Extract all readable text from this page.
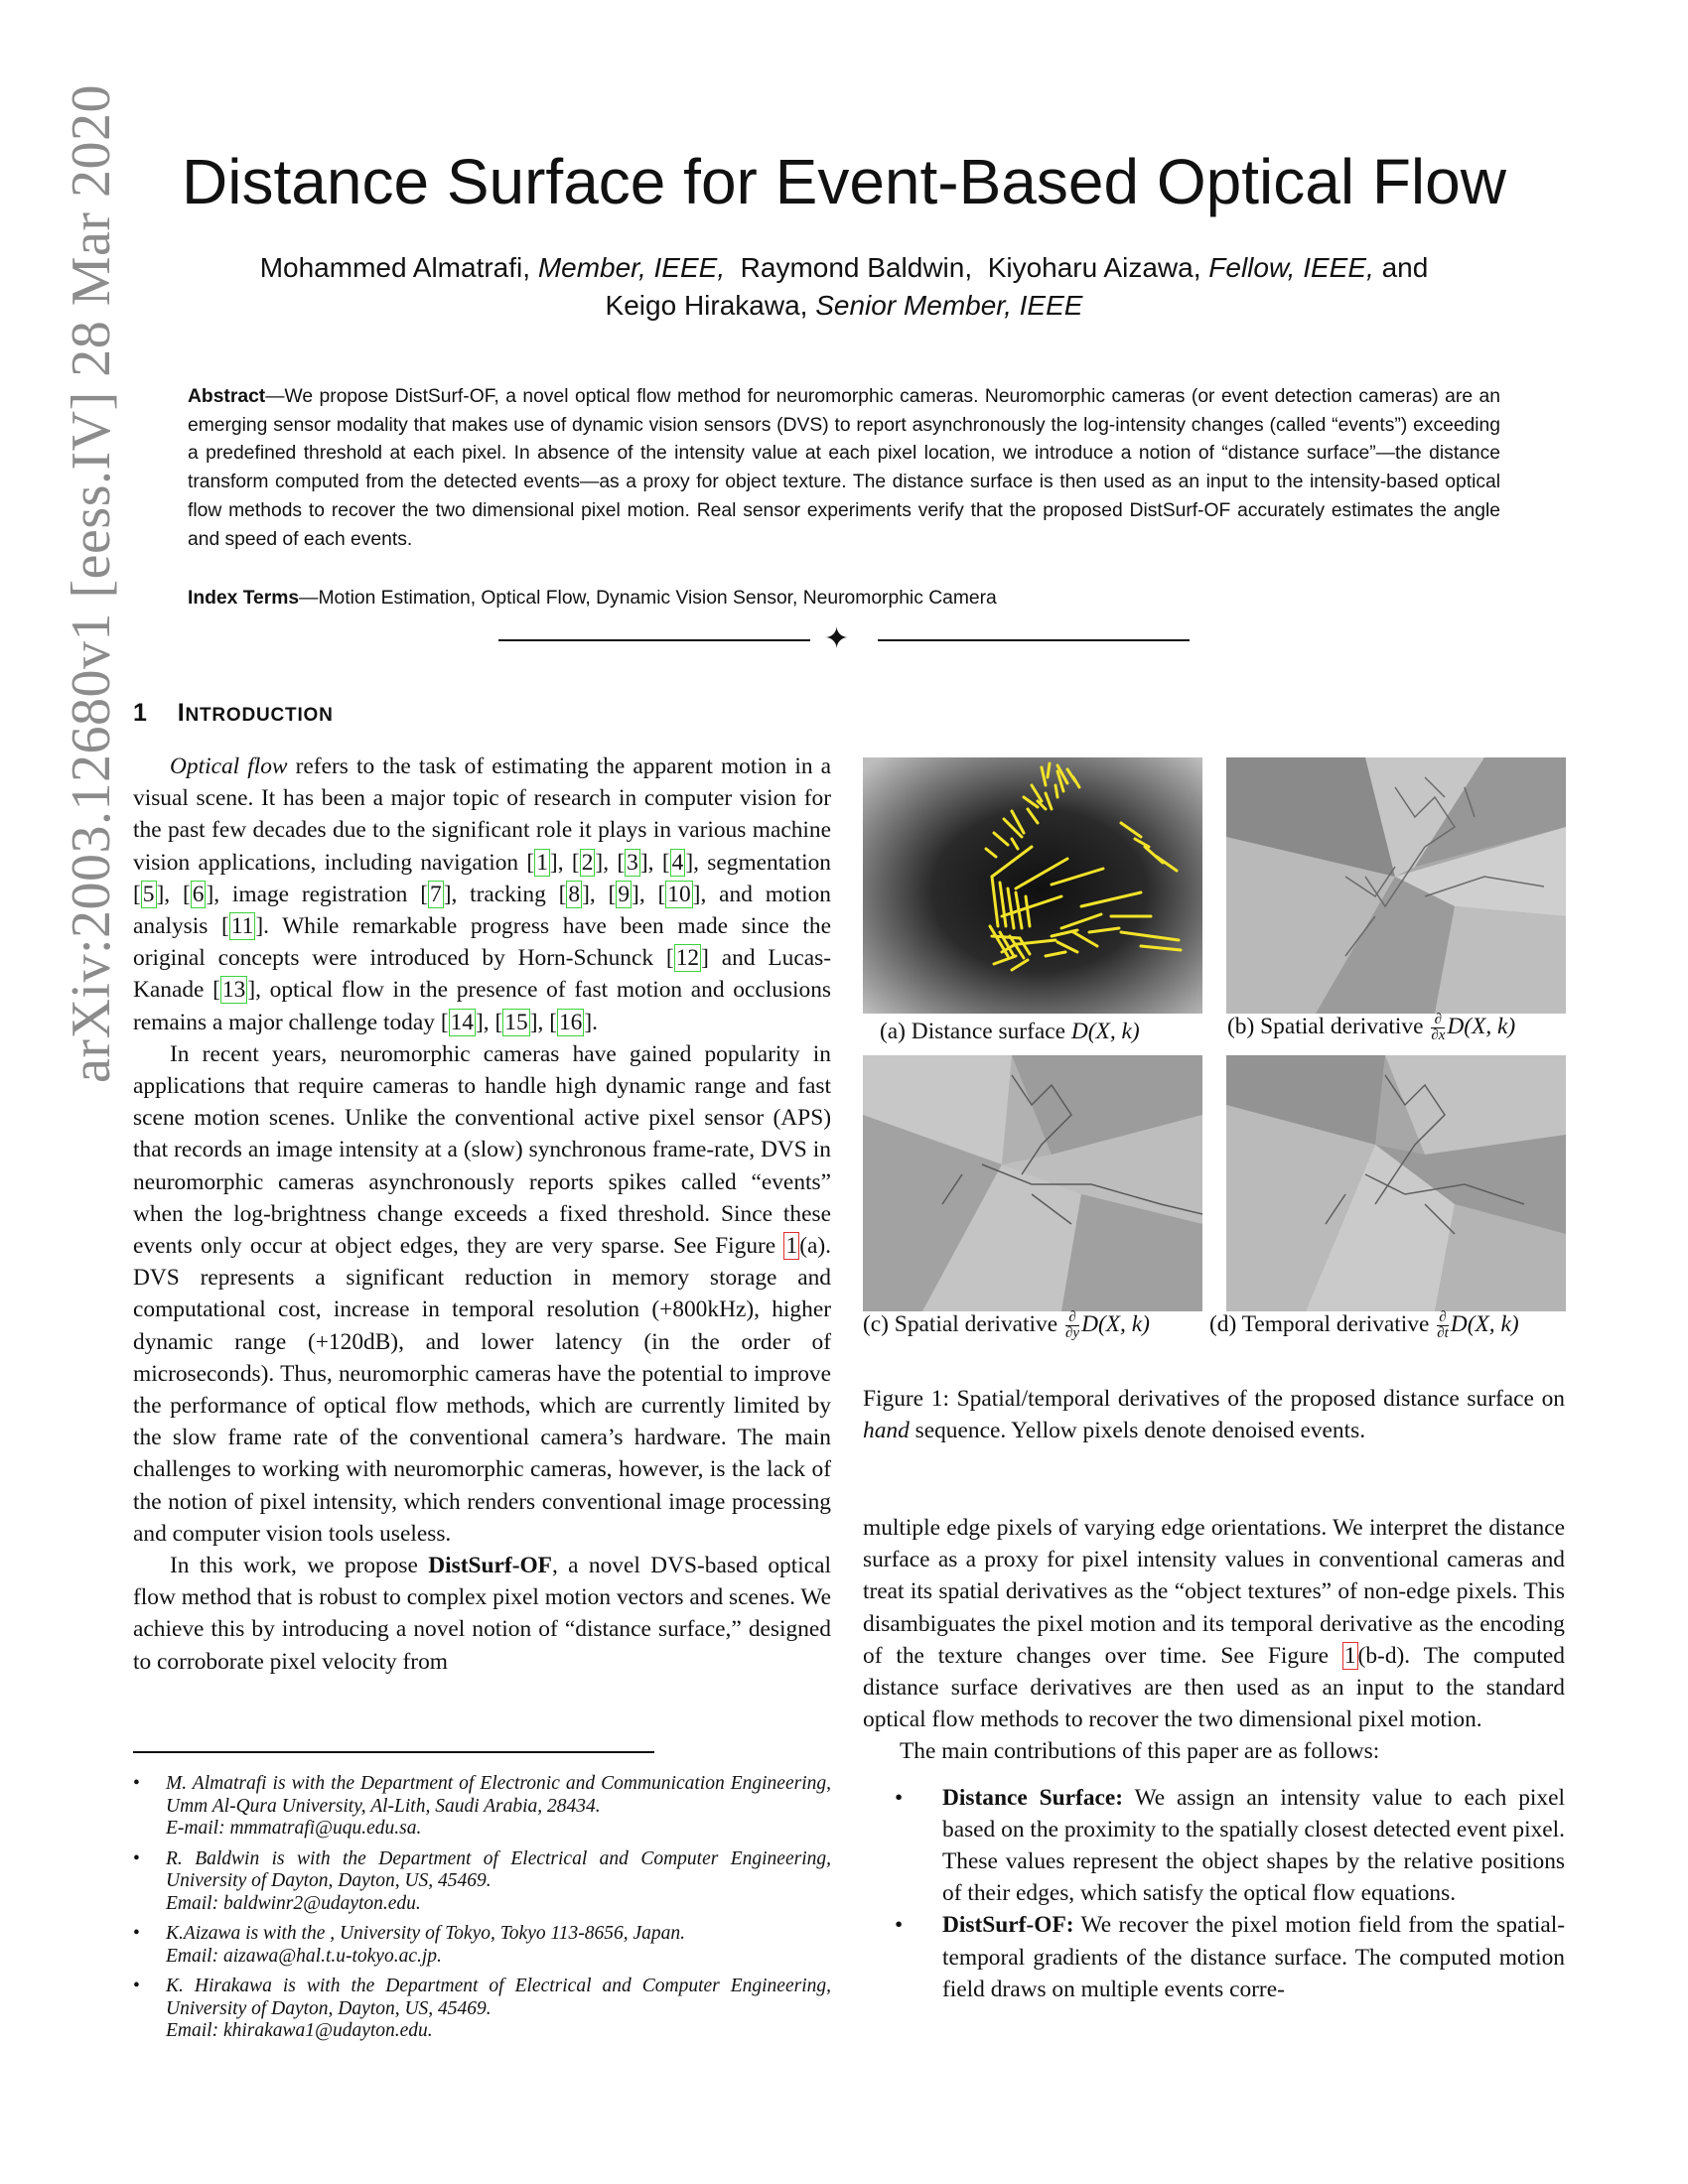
arXiv:2003.12680v1 [eess.IV] 28 Mar 2020 Distance Surface for Event-Based Optical Flow
Mohammed Almatrafi, Member, IEEE, Raymond Baldwin, Kiyoharu Aizawa, Fellow, IEEE, and
Keigo Hirakawa, Senior Member, IEEE
Abstract—We propose DistSurf-OF, a novel optical flow method for neuromorphic cameras. Neuromorphic cameras (or event detection cameras) are an emerging sensor modality that makes use of dynamic vision sensors (DVS) to report asynchronously the log-intensity changes (called “events”) exceeding a predefined threshold at each pixel. In absence of the intensity value at each pixel location, we introduce a notion of “distance surface”—the distance transform computed from the detected events—as a proxy for object texture. The distance surface is then used as an input to the intensity-based optical flow methods to recover the two dimensional pixel motion. Real sensor experiments verify that the proposed DistSurf-OF accurately estimates the angle and speed of each events.
Index Terms—Motion Estimation, Optical Flow, Dynamic Vision Sensor, Neuromorphic Camera
✦
1 INTRODUCTION

Optical flow refers to the task of estimating the apparent motion in a visual scene. It has been a major topic of research in computer vision for the past few decades due to the significant role it plays in various machine vision applications, including navigation [1], [2], [3], [4], segmentation [5], [6], image registration [7], tracking [8], [9], [10], and motion analysis [11]. While remarkable progress have been made since the original concepts were introduced by Horn-Schunck [12] and Lucas-Kanade [13], optical flow in the presence of fast motion and occlusions remains a major challenge today [14], [15], [16].

In recent years, neuromorphic cameras have gained popularity in applications that require cameras to handle high dynamic range and fast scene motion scenes. Unlike the conventional active pixel sensor (APS) that records an image intensity at a (slow) synchronous frame-rate, DVS in neuromorphic cameras asynchronously reports spikes called “events” when the log-brightness change exceeds a fixed threshold. Since these events only occur at object edges, they are very sparse. See Figure 1(a). DVS represents a significant reduction in memory storage and computational cost, increase in temporal resolution (+800kHz), higher dynamic range (+120dB), and lower latency (in the order of microseconds). Thus, neuromorphic cameras have the potential to improve the performance of optical flow methods, which are currently limited by the slow frame rate of the conventional camera’s hardware. The main challenges to working with neuromorphic cameras, however, is the lack of the notion of pixel intensity, which renders conventional image processing and computer vision tools useless.

In this work, we propose DistSurf-OF, a novel DVS-based optical flow method that is robust to complex pixel motion vectors and scenes. We achieve this by introducing a novel notion of “distance surface,” designed to corroborate pixel velocity from

• M. Almatrafi is with the Department of Electronic and Communication Engineering, Umm Al-Qura University, Al-Lith, Saudi Arabia, 28434.
E-mail: mmmatrafi@uqu.edu.sa.
• R. Baldwin is with the Department of Electrical and Computer Engineering, University of Dayton, Dayton, US, 45469.
Email: baldwinr2@udayton.edu.
• K.Aizawa is with the , University of Tokyo, Tokyo 113-8656, Japan.
Email: aizawa@hal.t.u-tokyo.ac.jp.
• K. Hirakawa is with the Department of Electrical and Computer Engineering, University of Dayton, Dayton, US, 45469.
Email: khirakawa1@udayton.edu.
(a) Distance surface D(X, k)	(b) Spatial derivative $\frac{\partial}{\partial x} D(X$, k)
(c) Spatial derivative $\frac{\partial}{\partial y} D(X$, k)	(d) Temporal derivative $\frac{\partial}{\partial t} D(X$, k)
Figure 1: Spatial/temporal derivatives of the proposed distance surface on hand sequence. Yellow pixels denote denoised events.

multiple edge pixels of varying edge orientations. We interpret the distance surface as a proxy for pixel intensity values in conventional cameras and treat its spatial derivatives as the “object textures” of non-edge pixels. This disambiguates the pixel motion and its temporal derivative as the encoding of the texture changes over time. See Figure 1(b-d). The computed distance surface derivatives are then used as an input to the standard optical flow methods to recover the two dimensional pixel motion.

The main contributions of this paper are as follows:

• Distance Surface: We assign an intensity value to each pixel based on the proximity to the spatially closest detected event pixel. These values represent the object shapes by the relative positions of their edges, which satisfy the optical flow equations.
• DistSurf-OF: We recover the pixel motion field from the spatial-temporal gradients of the distance surface. The computed motion field draws on multiple events corre-
